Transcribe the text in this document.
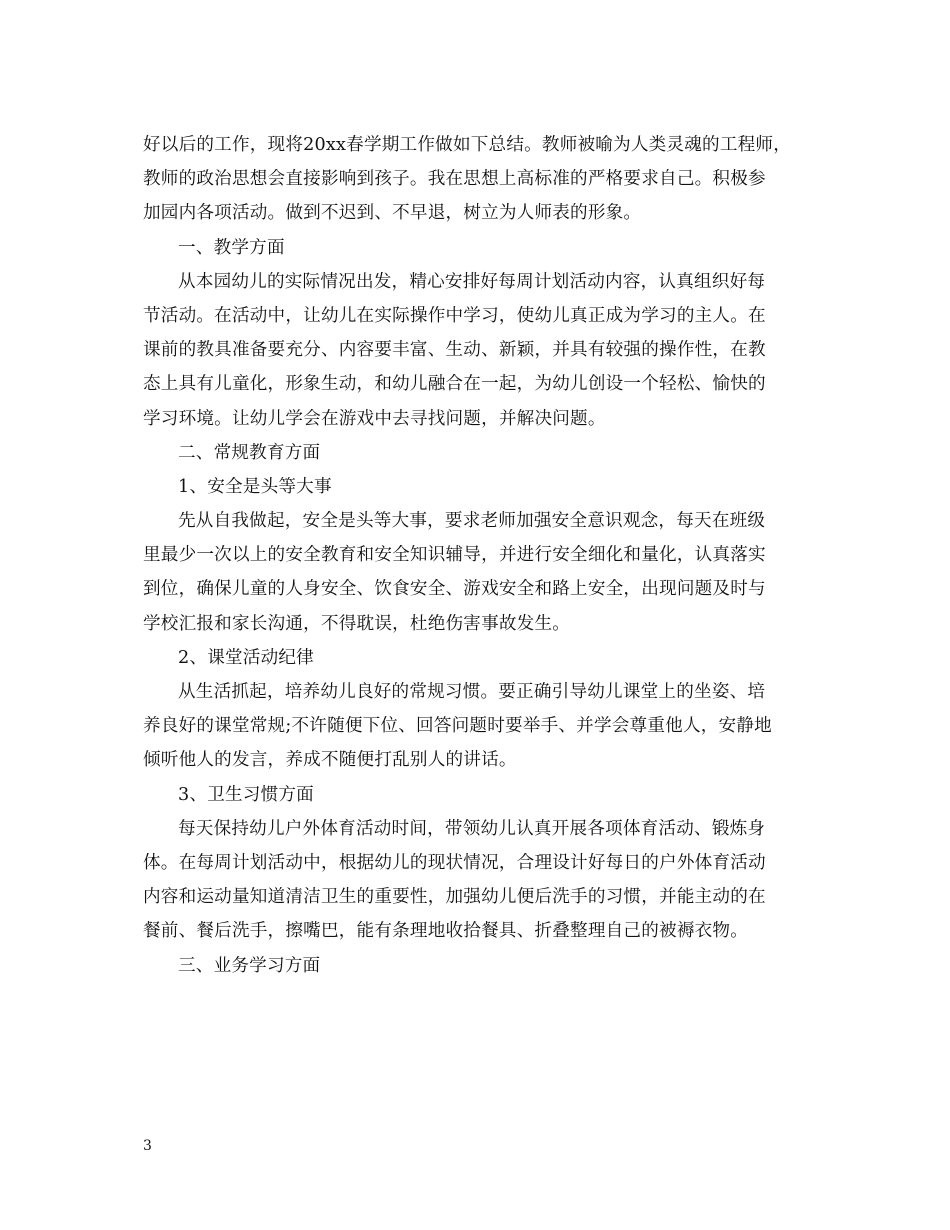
好以后的工作，现将20xx春学期工作做如下总结。教师被喻为人类灵魂的工程师，
教师的政治思想会直接影响到孩子。我在思想上高标准的严格要求自己。积极参
加园内各项活动。做到不迟到、不早退，树立为人师表的形象。
一、教学方面
从本园幼儿的实际情况出发，精心安排好每周计划活动内容，认真组织好每
节活动。在活动中，让幼儿在实际操作中学习，使幼儿真正成为学习的主人。在
课前的教具准备要充分、内容要丰富、生动、新颖，并具有较强的操作性，在教
态上具有儿童化，形象生动，和幼儿融合在一起，为幼儿创设一个轻松、愉快的
学习环境。让幼儿学会在游戏中去寻找问题，并解决问题。
二、常规教育方面
1、安全是头等大事
先从自我做起，安全是头等大事，要求老师加强安全意识观念，每天在班级
里最少一次以上的安全教育和安全知识辅导，并进行安全细化和量化，认真落实
到位，确保儿童的人身安全、饮食安全、游戏安全和路上安全，出现问题及时与
学校汇报和家长沟通，不得耽误，杜绝伤害事故发生。
2、课堂活动纪律
从生活抓起，培养幼儿良好的常规习惯。要正确引导幼儿课堂上的坐姿、培
养良好的课堂常规;不许随便下位、回答问题时要举手、并学会尊重他人，安静地
倾听他人的发言，养成不随便打乱别人的讲话。
3、卫生习惯方面
每天保持幼儿户外体育活动时间，带领幼儿认真开展各项体育活动、锻炼身
体。在每周计划活动中，根据幼儿的现状情况，合理设计好每日的户外体育活动
内容和运动量知道清洁卫生的重要性，加强幼儿便后洗手的习惯，并能主动的在
餐前、餐后洗手，擦嘴巴，能有条理地收拾餐具、折叠整理自己的被褥衣物。
三、业务学习方面
3
